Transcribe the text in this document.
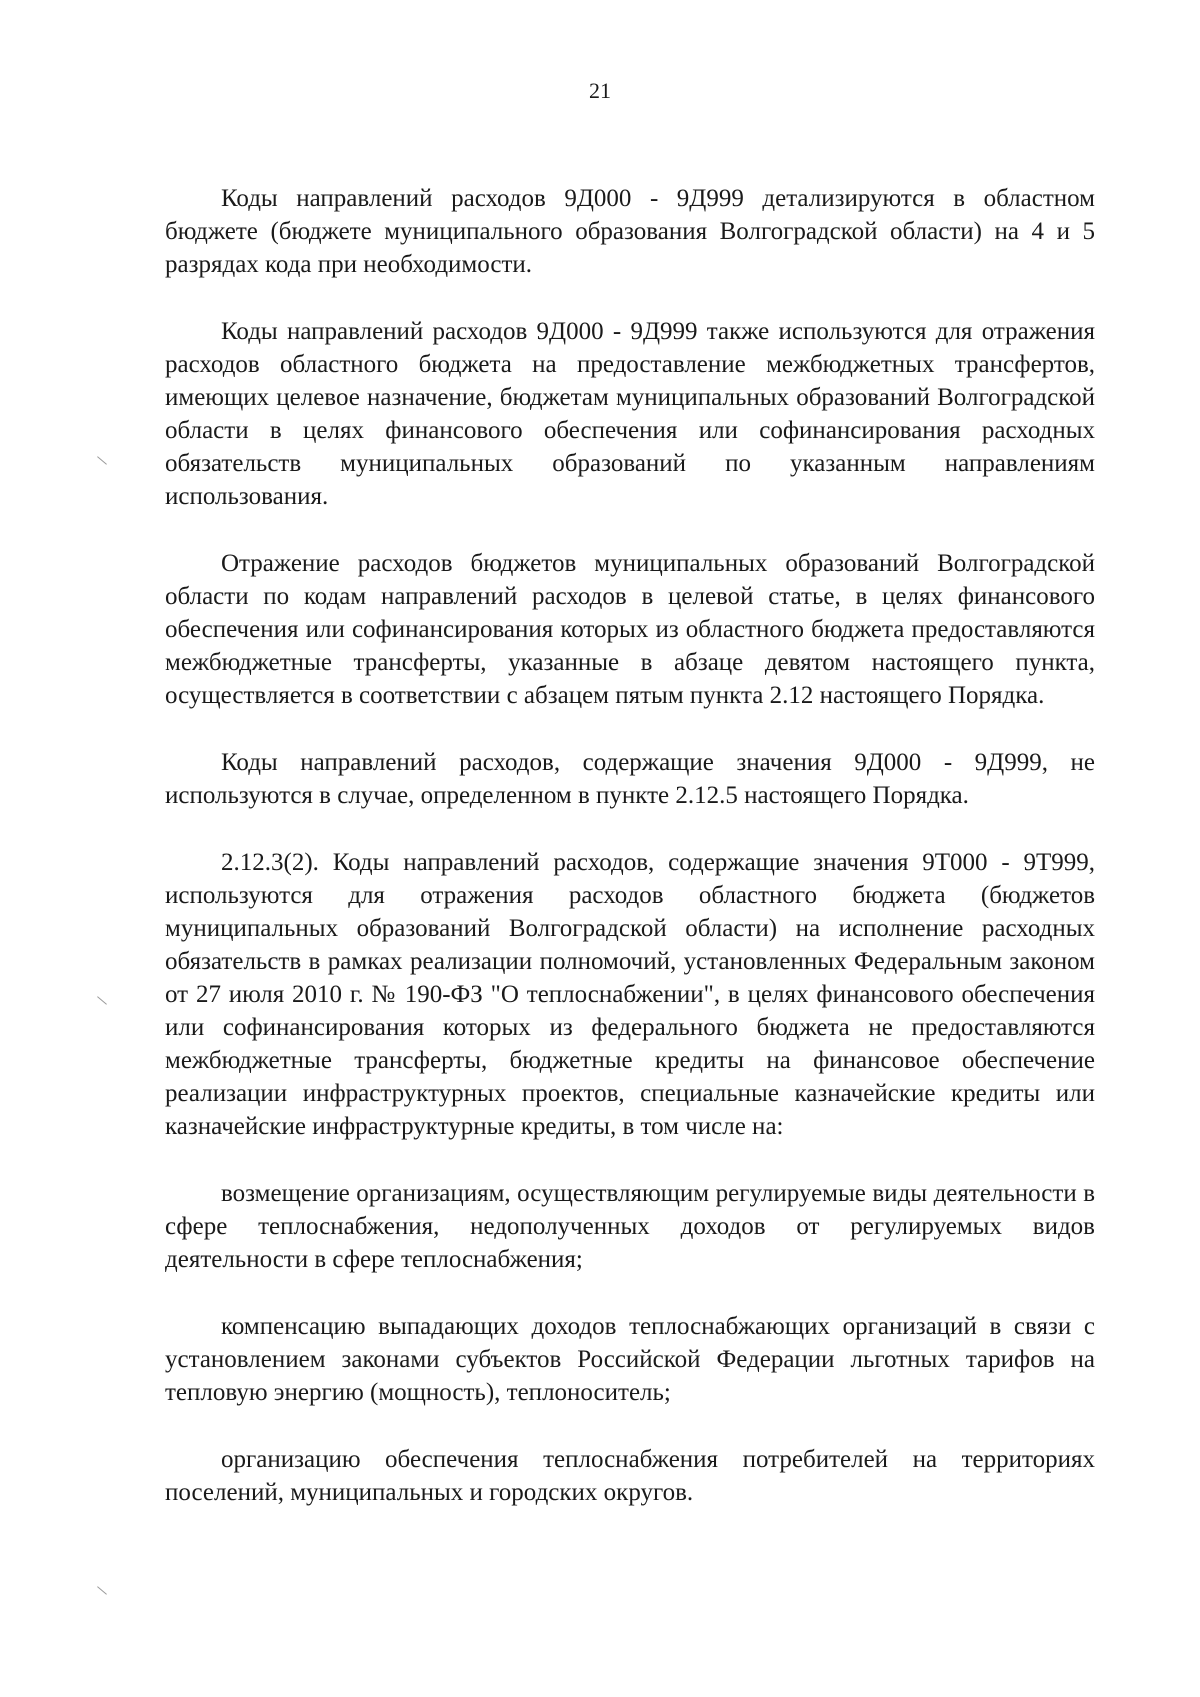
21

Коды направлений расходов 9Д000 - 9Д999 детализируются в областном бюджете (бюджете муниципального образования Волгоградской области) на 4 и 5 разрядах кода при необходимости.

Коды направлений расходов 9Д000 - 9Д999 также используются для отражения расходов областного бюджета на предоставление межбюджетных трансфертов, имеющих целевое назначение, бюджетам муниципальных образований Волгоградской области в целях финансового обеспечения или софинансирования расходных обязательств муниципальных образований по указанным направлениям использования.

Отражение расходов бюджетов муниципальных образований Волгоградской области по кодам направлений расходов в целевой статье, в целях финансового обеспечения или софинансирования которых из областного бюджета предоставляются межбюджетные трансферты, указанные в абзаце девятом настоящего пункта, осуществляется в соответствии с абзацем пятым пункта 2.12 настоящего Порядка.

Коды направлений расходов, содержащие значения 9Д000 - 9Д999, не используются в случае, определенном в пункте 2.12.5 настоящего Порядка.

2.12.3(2). Коды направлений расходов, содержащие значения 9Т000 - 9Т999, используются для отражения расходов областного бюджета (бюджетов муниципальных образований Волгоградской области) на исполнение расходных обязательств в рамках реализации полномочий, установленных Федеральным законом от 27 июля 2010 г. № 190-ФЗ "О теплоснабжении", в целях финансового обеспечения или софинансирования которых из федерального бюджета не предоставляются межбюджетные трансферты, бюджетные кредиты на финансовое обеспечение реализации инфраструктурных проектов, специальные казначейские кредиты или казначейские инфраструктурные кредиты, в том числе на:

возмещение организациям, осуществляющим регулируемые виды деятельности в сфере теплоснабжения, недополученных доходов от регулируемых видов деятельности в сфере теплоснабжения;

компенсацию выпадающих доходов теплоснабжающих организаций в связи с установлением законами субъектов Российской Федерации льготных тарифов на тепловую энергию (мощность), теплоноситель;

организацию обеспечения теплоснабжения потребителей на территориях поселений, муниципальных и городских округов.
